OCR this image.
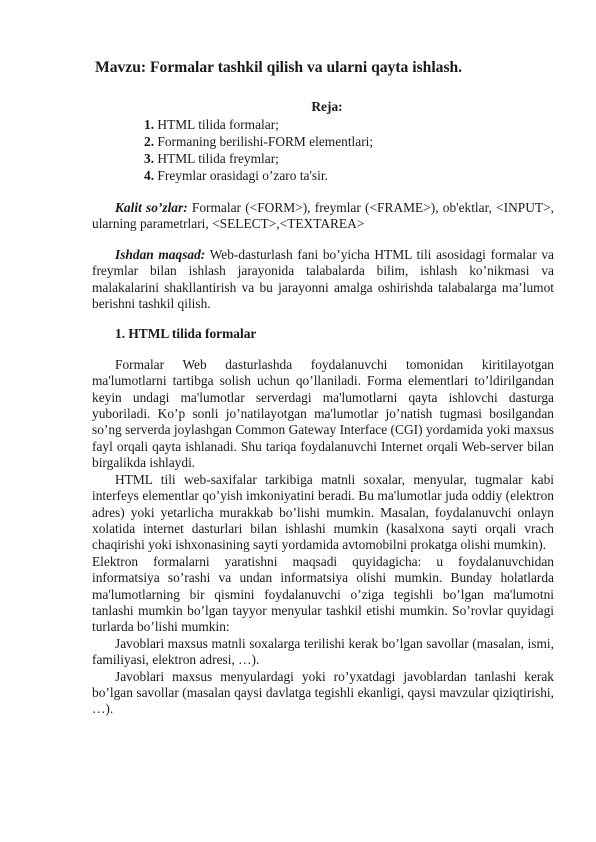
Mavzu: Formalar tashkil qilish va ularni qayta ishlash.
Reja:
1. HTML tilida formalar;
2. Formaning berilishi-FORM elementlari;
3. HTML tilida freymlar;
4. Freymlar orasidagi o’zaro ta'sir.

Kalit so’zlar: Formalar (<FORM>), freymlar (<FRAME>), ob'ektlar, <INPUT>, ularning parametrlari, <SELECT>,<TEXTAREA>

Ishdan maqsad: Web-dasturlash fani bo’yicha HTML tili asosidagi formalar va freymlar bilan ishlash jarayonida talabalarda bilim, ishlash ko’nikmasi va malakalarini shakllantirish va bu jarayonni amalga oshirishda talabalarga ma’lumot berishni tashkil qilish.

1. HTML tilida formalar

Formalar Web dasturlashda foydalanuvchi tomonidan kiritilayotgan ma'lumotlarni tartibga solish uchun qo’llaniladi. Forma elementlari to’ldirilgandan keyin undagi ma'lumotlar serverdagi ma'lumotlarni qayta ishlovchi dasturga yuboriladi. Ko’p sonli jo’natilayotgan ma'lumotlar jo’natish tugmasi bosilgandan so’ng serverda joylashgan Common Gateway Interface (CGI) yordamida yoki maxsus fayl orqali qayta ishlanadi. Shu tariqa foydalanuvchi Internet orqali Web-server bilan birgalikda ishlaydi.

HTML tili web-saxifalar tarkibiga matnli soxalar, menyular, tugmalar kabi interfeys elementlar qo’yish imkoniyatini beradi. Bu ma'lumotlar juda oddiy (elektron adres) yoki yetarlicha murakkab bo’lishi mumkin. Masalan, foydalanuvchi onlayn xolatida internet dasturlari bilan ishlashi mumkin (kasalxona sayti orqali vrach chaqirishi yoki ishxonasining sayti yordamida avtomobilni prokatga olishi mumkin).

Elektron formalarni yaratishni maqsadi quyidagicha: u foydalanuvchidan informatsiya so’rashi va undan informatsiya olishi mumkin. Bunday holatlarda ma'lumotlarning bir qismini foydalanuvchi o’ziga tegishli bo’lgan ma'lumotni tanlashi mumkin bo’lgan tayyor menyular tashkil etishi mumkin. So’rovlar quyidagi turlarda bo’lishi mumkin:

Javoblari maxsus matnli soxalarga terilishi kerak bo’lgan savollar (masalan, ismi, familiyasi, elektron adresi, …).

Javoblari maxsus menyulardagi yoki ro’yxatdagi javoblardan tanlashi kerak bo’lgan savollar (masalan qaysi davlatga tegishli ekanligi, qaysi mavzular qiziqtirishi, …).
